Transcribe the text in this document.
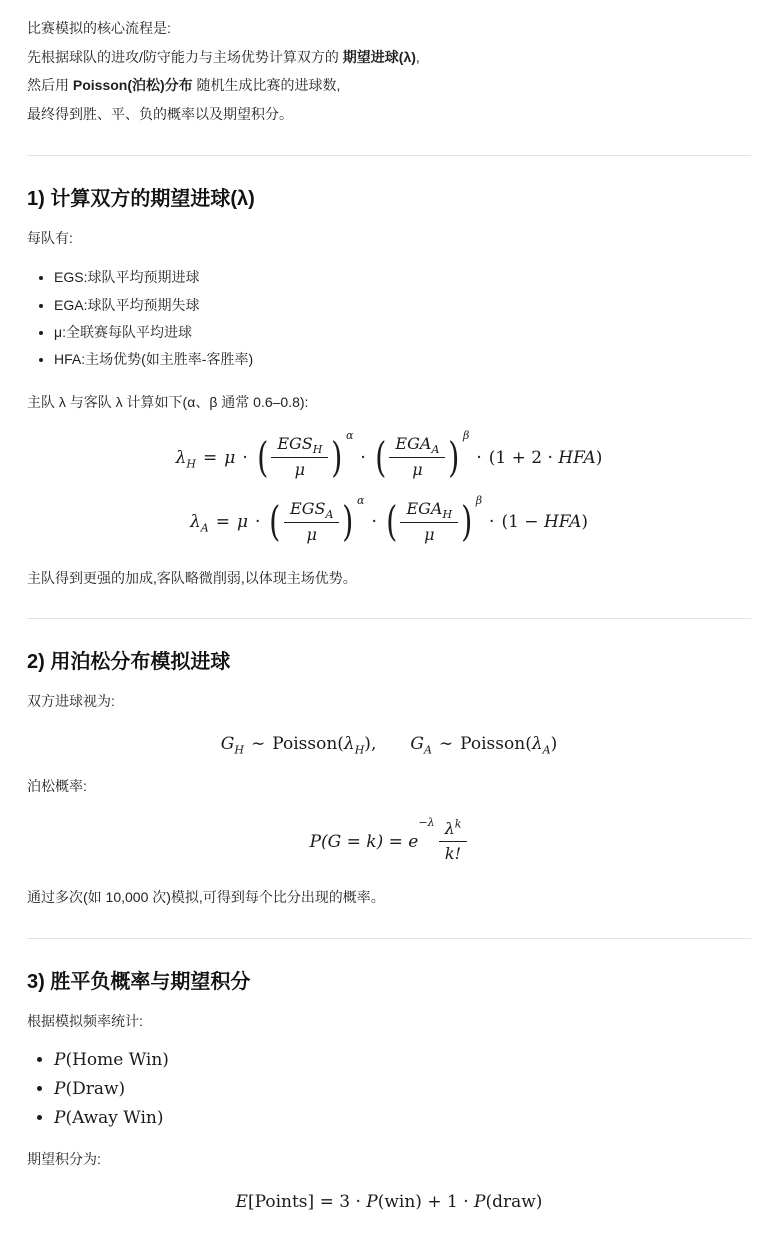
比赛模拟的核心流程是:
先根据球队的进攻/防守能力与主场优势计算双方的 期望进球(λ),
然后用 Poisson(泊松)分布 随机生成比赛的进球数,
最终得到胜、平、负的概率以及期望积分。
1) 计算双方的期望进球(λ)

每队有:

• EGS:球队平均预期进球
• EGA:球队平均预期失球
• μ:全联赛每队平均进球
• HFA:主场优势(如主胜率-客胜率)

主队 λ 与客队 λ 计算如下(α、β 通常 0.6–0.8):

$\lambda_H = \mu$ · ( $\frac{EGS_H}{\mu}$ ) α
· ( $\frac{EGA_A}{\mu}$ ) β
· (1 + 2 · HFA)
$\lambda_A = \mu$ · ( $\frac{EGS_A}{\mu}$ ) α
· ( $\frac{EGA_H}{\mu}$ ) β
· (1 − HFA)

主队得到更强的加成,客队略微削弱,以体现主场优势。

2) 用泊松分布模拟进球

双方进球视为:

$G_H$ ∼ $Poisson(\lambda_H)$, $G_A$ ∼ $Poisson(\lambda_A)$

泊松概率:

P(G = k) = e
$-\lambda \frac{\lambda^k}{k!}$

通过多次(如 10,000 次)模拟,可得到每个比分出现的概率。

3) 胜平负概率与期望积分

根据模拟频率统计:

• P(Home Win)
• P(Draw)
• P(Away Win)

期望积分为:

E [Points] = 3 · P (win) + 1 · P (draw)
